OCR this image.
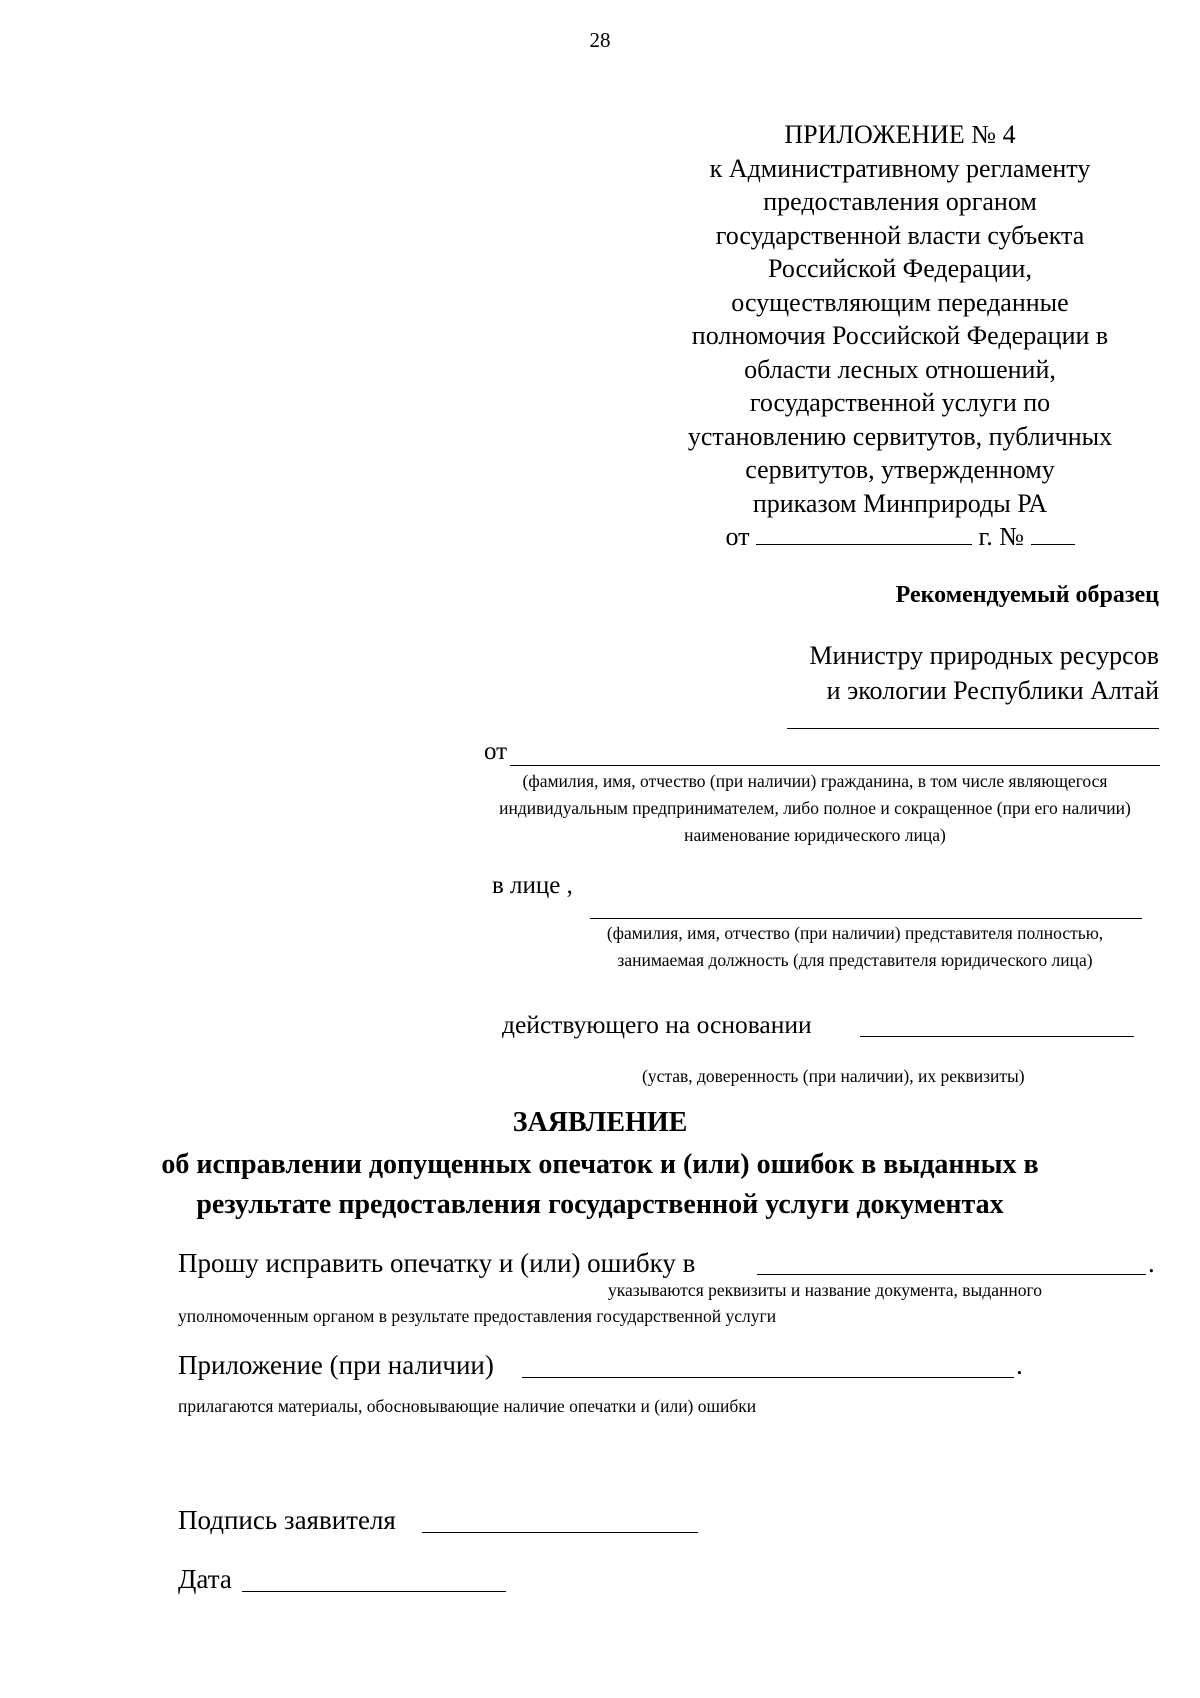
28
ПРИЛОЖЕНИЕ № 4
к Административному регламенту
предоставления органом
государственной власти субъекта
Российской Федерации,
осуществляющим переданные
полномочия Российской Федерации в
области лесных отношений,
государственной услуги по
установлению сервитутов, публичных
сервитутов, утвержденному
приказом Минприроды РА
от	г. №
Рекомендуемый образец
Министру природных ресурсов
и экологии Республики Алтай
от
(фамилия, имя, отчество (при наличии) гражданина, в том числе являющегося индивидуальным предпринимателем, либо полное и сокращенное (при его наличии) наименование юридического лица)
в лице ,
(фамилия, имя, отчество (при наличии) представителя полностью, занимаемая должность (для представителя юридического лица)
действующего на основании
(устав, доверенность (при наличии), их реквизиты)
ЗАЯВЛЕНИЕ
об исправлении допущенных опечаток и (или) ошибок в выданных в
результате предоставления государственной услуги документах
Прошу исправить опечатку и (или) ошибку в	.
указываются реквизиты и название документа, выданного
уполномоченным органом в результате предоставления государственной услуги
Приложение (при наличии)	.
прилагаются материалы, обосновывающие наличие опечатки и (или) ошибки
Подпись заявителя
Дата
